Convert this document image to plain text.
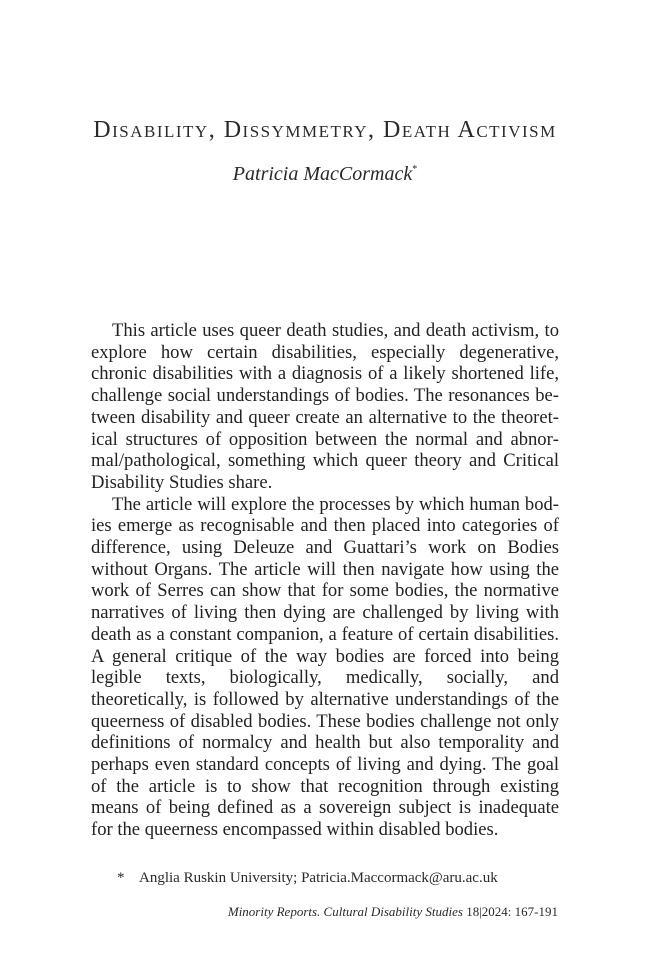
Disability, Dissymmetry, Death Activism
Patricia MacCormack*

This article uses queer death studies, and death activism, to explore how certain disabilities, especially degenerative, chronic disabilities with a diagnosis of a likely shortened life, challenge social understandings of bodies. The resonances between disability and queer create an alternative to the theoretical structures of opposition between the normal and abnormal/pathological, something which queer theory and Critical Disability Studies share.

The article will explore the processes by which human bodies emerge as recognisable and then placed into categories of difference, using Deleuze and Guattari’s work on Bodies without Organs. The article will then navigate how using the work of Serres can show that for some bodies, the normative narratives of living then dying are challenged by living with death as a constant companion, a feature of certain disabilities. A general critique of the way bodies are forced into being legible texts, biologically, medically, socially, and theoretically, is followed by alternative understandings of the queerness of disabled bodies. These bodies challenge not only definitions of normalcy and health but also temporality and perhaps even standard concepts of living and dying. The goal of the article is to show that recognition through existing means of being defined as a sovereign subject is inadequate for the queerness encompassed within disabled bodies.

* Anglia Ruskin University; Patricia.Maccormack@aru.ac.uk
Minority Reports. Cultural Disability Studies 18|2024: 167-191
